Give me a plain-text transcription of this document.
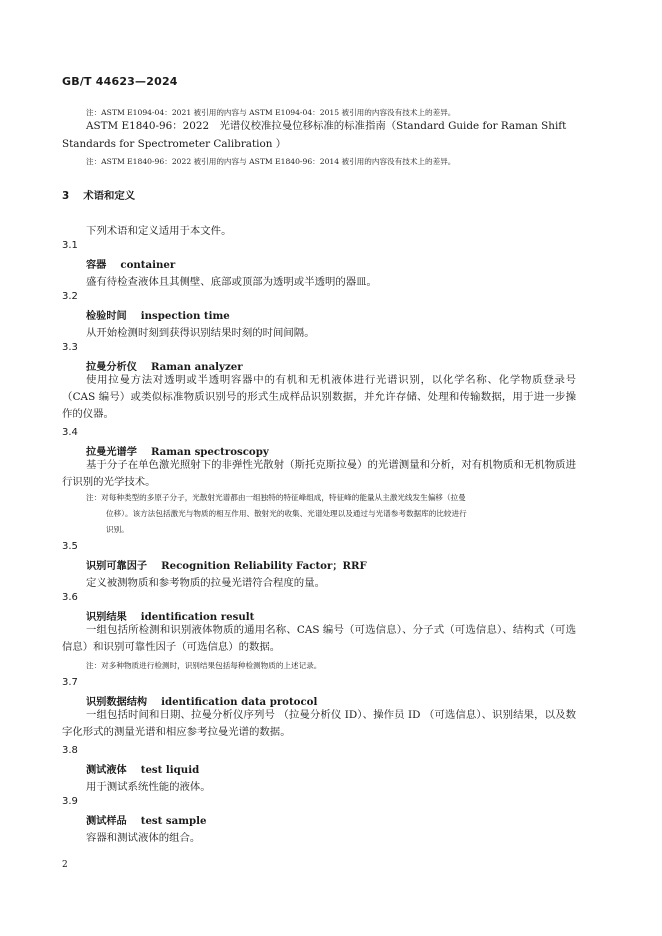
GB/T 44623—2024
注：ASTM E1094-04：2021 被引用的内容与 ASTM E1094-04：2015 被引用的内容没有技术上的差异。
ASTM E1840-96：2022　光谱仪校准拉曼位移标准的标准指南（Standard Guide for Raman Shift
Standards for Spectrometer Calibration ）
注：ASTM E1840-96：2022 被引用的内容与 ASTM E1840-96：2014 被引用的内容没有技术上的差异。
3 术语和定义
下列术语和定义适用于本文件。
3.1
容器 container
盛有待检查液体且其侧壁、底部或顶部为透明或半透明的器皿。
3.2
检验时间 inspection time
从开始检测时刻到获得识别结果时刻的时间间隔。
3.3
拉曼分析仪 Raman analyzer
使用拉曼方法对透明或半透明容器中的有机和无机液体进行光谱识别，以化学名称、化学物质登录号（CAS 编号）或类似标准物质识别号的形式生成样品识别数据，并允许存储、处理和传输数据，用于进一步操作的仪器。
3.4
拉曼光谱学 Raman spectroscopy
基于分子在单色激光照射下的非弹性光散射（斯托克斯拉曼）的光谱测量和分析，对有机物质和无机物质进行识别的光学技术。
注：对每种类型的多原子分子，光散射光谱都由一组独特的特征峰组成，特征峰的能量从主激光线发生偏移（拉曼
位移）。该方法包括激光与物质的相互作用、散射光的收集、光谱处理以及通过与光谱参考数据库的比较进行
识别。
3.5
识别可靠因子 Recognition Reliability Factor；RRF
定义被测物质和参考物质的拉曼光谱符合程度的量。
3.6
识别结果 identification result
一组包括所检测和识别液体物质的通用名称、CAS 编号（可选信息）、分子式（可选信息）、结构式（可选信息）和识别可靠性因子（可选信息）的数据。
注：对多种物质进行检测时，识别结果包括每种检测物质的上述记录。
3.7
识别数据结构 identification data protocol
一组包括时间和日期、拉曼分析仪序列号 （拉曼分析仪 ID）、操作员 ID （可选信息）、识别结果，以及数字化形式的测量光谱和相应参考拉曼光谱的数据。
3.8
测试液体 test liquid
用于测试系统性能的液体。
3.9
测试样品 test sample
容器和测试液体的组合。
2
